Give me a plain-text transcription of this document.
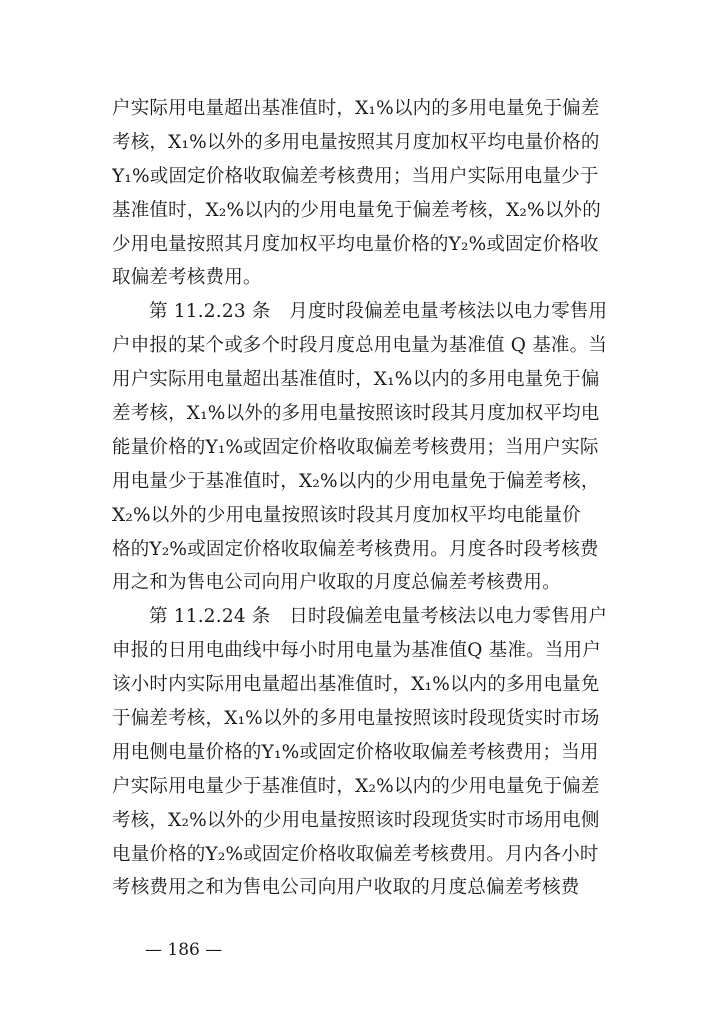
户实际用电量超出基准值时，X₁%以内的多用电量免于偏差
考核，X₁%以外的多用电量按照其月度加权平均电量价格的
Y₁%或固定价格收取偏差考核费用；当用户实际用电量少于
基准值时，X₂%以内的少用电量免于偏差考核，X₂%以外的
少用电量按照其月度加权平均电量价格的Y₂%或固定价格收
取偏差考核费用。
第 11.2.23 条　月度时段偏差电量考核法以电力零售用
户申报的某个或多个时段月度总用电量为基准值 Q 基准。当
用户实际用电量超出基准值时，X₁%以内的多用电量免于偏
差考核，X₁%以外的多用电量按照该时段其月度加权平均电
能量价格的Y₁%或固定价格收取偏差考核费用；当用户实际
用电量少于基准值时，X₂%以内的少用电量免于偏差考核，
X₂%以外的少用电量按照该时段其月度加权平均电能量价
格的Y₂%或固定价格收取偏差考核费用。月度各时段考核费
用之和为售电公司向用户收取的月度总偏差考核费用。
第 11.2.24 条　日时段偏差电量考核法以电力零售用户
申报的日用电曲线中每小时用电量为基准值Q 基准。当用户
该小时内实际用电量超出基准值时，X₁%以内的多用电量免
于偏差考核，X₁%以外的多用电量按照该时段现货实时市场
用电侧电量价格的Y₁%或固定价格收取偏差考核费用；当用
户实际用电量少于基准值时，X₂%以内的少用电量免于偏差
考核，X₂%以外的少用电量按照该时段现货实时市场用电侧
电量价格的Y₂%或固定价格收取偏差考核费用。月内各小时
考核费用之和为售电公司向用户收取的月度总偏差考核费
— 186 —
